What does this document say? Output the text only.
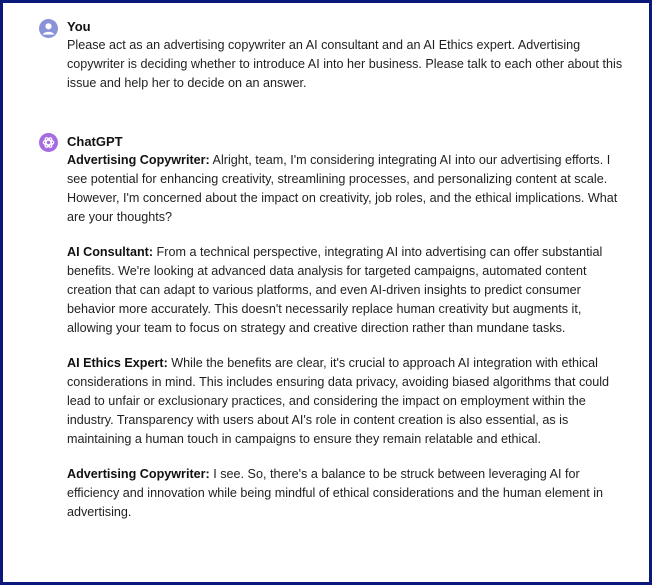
You

Please act as an advertising copywriter an AI consultant and an AI Ethics expert. Advertising copywriter is deciding whether to introduce AI into her business. Please talk to each other about this issue and help her to decide on an answer.

ChatGPT

Advertising Copywriter: Alright, team, I'm considering integrating AI into our advertising efforts. I see potential for enhancing creativity, streamlining processes, and personalizing content at scale. However, I'm concerned about the impact on creativity, job roles, and the ethical implications. What are your thoughts?

AI Consultant: From a technical perspective, integrating AI into advertising can offer substantial benefits. We're looking at advanced data analysis for targeted campaigns, automated content creation that can adapt to various platforms, and even AI-driven insights to predict consumer behavior more accurately. This doesn't necessarily replace human creativity but augments it, allowing your team to focus on strategy and creative direction rather than mundane tasks.

AI Ethics Expert: While the benefits are clear, it's crucial to approach AI integration with ethical considerations in mind. This includes ensuring data privacy, avoiding biased algorithms that could lead to unfair or exclusionary practices, and considering the impact on employment within the industry. Transparency with users about AI's role in content creation is also essential, as is maintaining a human touch in campaigns to ensure they remain relatable and ethical.

Advertising Copywriter: I see. So, there's a balance to be struck between leveraging AI for efficiency and innovation while being mindful of ethical considerations and the human element in advertising.
